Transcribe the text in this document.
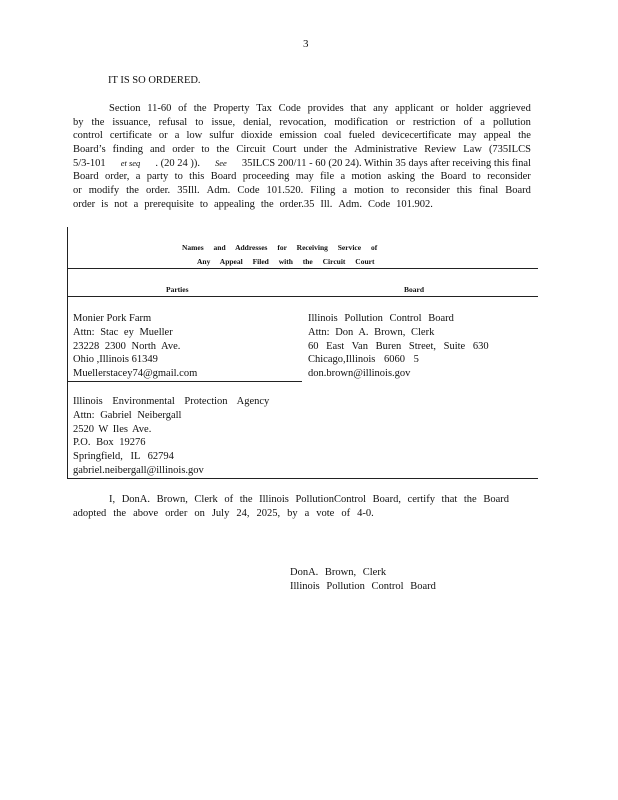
3
IT IS SO ORDERED.
Section 11-60 of the Property Tax Code provides that any applicant or holder aggrieved
by the issuance, refusal to issue, denial, revocation, modification or restriction of a pollution
control certificate or a low sulfur dioxide emission coal fueled devicecertificate may appeal the
Board’s finding and order to the Circuit Court under the Administrative Review Law (735ILCS
5/3-101 et seq . (20 24 )). See 35ILCS 200/11 - 60 (20 24). Within 35 days after receiving this final
Board order, a party to this Board proceeding may file a motion asking the Board to reconsider
or modify the order. 35Ill. Adm. Code 101.520. Filing a motion to reconsider this final Board
order is not a prerequisite to appealing the order.35 Ill. Adm. Code 101.902.
Names and Addresses for Receiving Service of
Any Appeal Filed with the Circuit Court
Parties	Board
Monier Pork Farm
Attn: Stac ey Mueller
23228 2300 North Ave.
Ohio ,Illinois 61349
Muellerstacey74@gmail.com
Illinois Pollution Control Board
Attn: Don A. Brown, Clerk
60 East Van Buren Street, Suite 630
Chicago,Illinois 6060 5
don.brown@illinois.gov
Illinois Environmental Protection Agency
Attn: Gabriel Neibergall
2520 W Iles Ave.
P.O. Box 19276
Springfield, IL 62794
gabriel.neibergall@illinois.gov
I, DonA. Brown, Clerk of the Illinois PollutionControl Board, certify that the Board
adopted the above order on July 24, 2025, by a vote of 4-0.
DonA. Brown, Clerk
Illinois Pollution Control Board
